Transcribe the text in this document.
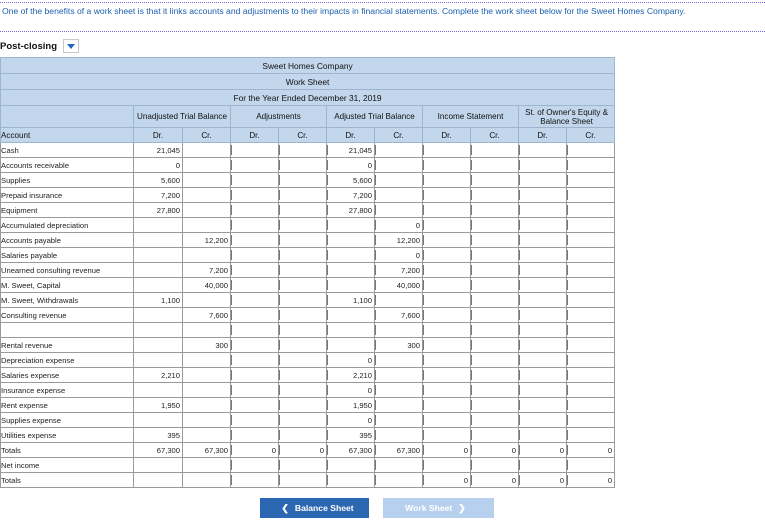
One of the benefits of a work sheet is that it links accounts and adjustments to their impacts in financial statements. Complete the work sheet below for the Sweet Homes Company.
Post-closing
Sweet Homes Company										
Work Sheet										
For the Year Ended December 31, 2019										
	Unadjusted Trial Balance		Adjustments		Adjusted Trial Balance		Income Statement		St. of Owner's Equity & Balance Sheet	
Account	Dr.	Cr.	Dr.	Cr.	Dr.	Cr.	Dr.	Cr.	Dr.	Cr.
Cash	21,045				21,045					
Accounts receivable	0				0					
Supplies	5,600				5,600					
Prepaid insurance	7,200				7,200					
Equipment	27,800				27,800					
Accumulated depreciation						0				
Accounts payable		12,200				12,200				
Salaries payable						0				
Unearned consulting revenue		7,200				7,200				
M. Sweet, Capital		40,000				40,000				
M. Sweet, Withdrawals	1,100				1,100					
Consulting revenue		7,600				7,600				

Rental revenue		300				300				
Depreciation expense					0					
Salaries expense	2,210				2,210					
Insurance expense					0					
Rent expense	1,950				1,950					
Supplies expense					0					
Utilities expense	395				395					
Totals	67,300	67,300	0	0	67,300	67,300	0	0	0	0
Net income										
Totals							0	0	0	0
❮ Balance Sheet	Work Sheet ❯
